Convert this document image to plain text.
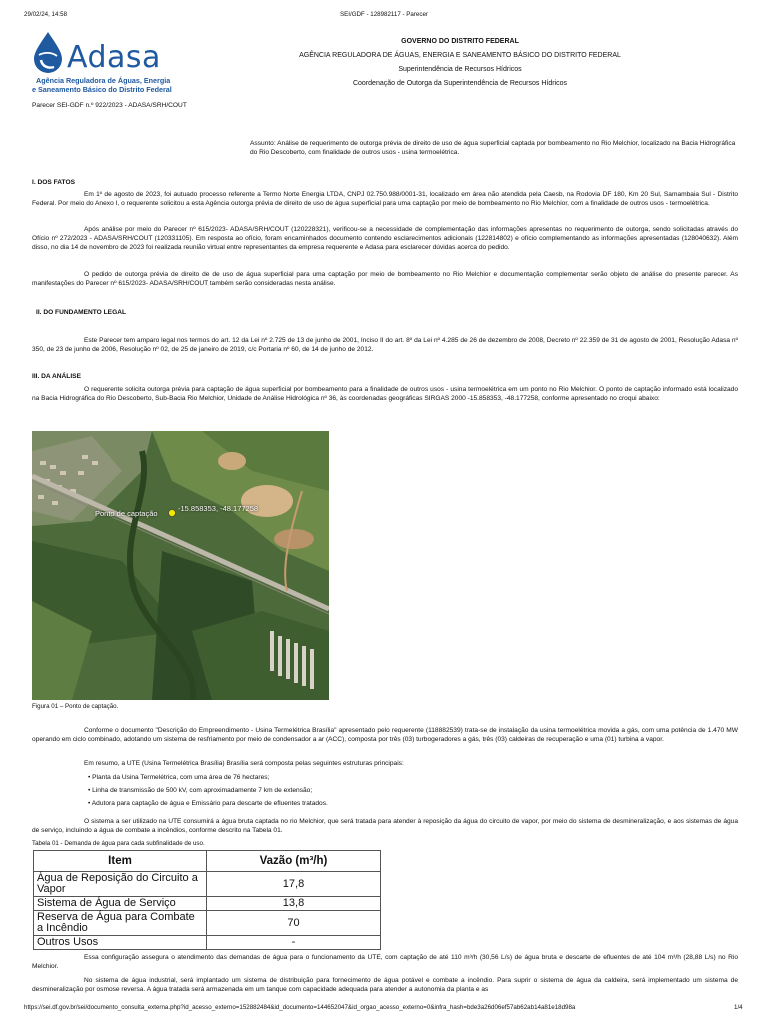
29/02/24, 14:58	SEI/GDF - 128982117 - Parecer
Adasa
Agência Reguladora de Águas, Energia
e Saneamento Básico do Distrito Federal
GOVERNO DO DISTRITO FEDERAL
AGÊNCIA REGULADORA DE ÁGUAS, ENERGIA E SANEAMENTO BÁSICO DO DISTRITO FEDERAL
Superintendência de Recursos Hídricos
Coordenação de Outorga da Superintendência de Recursos Hídricos
Parecer SEI-GDF n.º 922/2023 - ADASA/SRH/COUT
Assunto: Análise de requerimento de outorga prévia de direito de uso de água superficial captada por bombeamento no Rio Melchior, localizado na Bacia Hidrográfica do Rio Descoberto, com finalidade de outros usos - usina termoelétrica.
I. DOS FATOS
Em 1º de agosto de 2023, foi autuado processo referente a Termo Norte Energia LTDA, CNPJ 02.750.988/0001-31, localizado em área não atendida pela Caesb, na Rodovia DF 180, Km 20 Sul, Samambaia Sul - Distrito Federal. Por meio do Anexo I, o requerente solicitou a esta Agência outorga prévia de direito de uso de água superficial para uma captação por meio de bombeamento no Rio Melchior, com a finalidade de outros usos - termoelétrica.
Após análise por meio do Parecer nº 615/2023- ADASA/SRH/COUT (120228321), verificou-se a necessidade de complementação das informações apresentas no requerimento de outorga, sendo solicitadas através do Ofício nº 272/2023 - ADASA/SRH/COUT (120331105). Em resposta ao ofício, foram encaminhados documento contendo esclarecimentos adicionais (122814802) e ofício complementando as informações apresentadas (128040632). Além disso, no dia 14 de novembro de 2023 foi realizada reunião virtual entre representantes da empresa requerente e Adasa para esclarecer dúvidas acerca do pedido.
O pedido de outorga prévia de direito de de uso de água superficial para uma captação por meio de bombeamento no Rio Melchior e documentação complementar serão objeto de análise do presente parecer. As manifestações do Parecer nº 615/2023- ADASA/SRH/COUT também serão consideradas nesta análise.
II. DO FUNDAMENTO LEGAL
Este Parecer tem amparo legal nos termos do art. 12 da Lei nº 2.725 de 13 de junho de 2001, Inciso II do art. 8º da Lei nº 4.285 de 26 de dezembro de 2008, Decreto nº 22.359 de 31 de agosto de 2001, Resolução Adasa nº 350, de 23 de junho de 2006, Resolução nº 02, de 25 de janeiro de 2019, c/c Portaria nº 60, de 14 de junho de 2012.
III. DA ANÁLISE
O requerente solicita outorga prévia para captação de água superficial por bombeamento para a finalidade de outros usos - usina termoelétrica em um ponto no Rio Melchior. O ponto de captação informado está localizado na Bacia Hidrográfica do Rio Descoberto, Sub-Bacia Rio Melchior, Unidade de Análise Hidrológica nº 36, às coordenadas geográficas SIRGAS 2000 -15.858353, -48.177258, conforme apresentado no croqui abaixo:
Ponto de captação
-15.858353, -48.177258
Figura 01 – Ponto de captação.
Conforme o documento "Descrição do Empreendimento - Usina Termelétrica Brasília" apresentado pelo requerente (118882539) trata-se de instalação da usina termoelétrica movida a gás, com uma potência de 1.470 MW operando em ciclo combinado, adotando um sistema de resfriamento por meio de condensador a ar (ACC), composta por três (03) turbogeradores a gás, três (03) caldeiras de recuperação e uma (01) turbina a vapor.
Em resumo, a UTE (Usina Termelétrica Brasília) Brasília será composta pelas seguintes estruturas principais:
• Planta da Usina Termelétrica, com uma área de 76 hectares;
• Linha de transmissão de 500 kV, com aproximadamente 7 km de extensão;
• Adutora para captação de água e Emissário para descarte de efluentes tratados.
O sistema a ser utilizado na UTE consumirá a água bruta captada no rio Melchior, que será tratada para atender à reposição da água do circuito de vapor, por meio do sistema de desmineralização, e aos sistemas de água de serviço, incluindo a água de combate a incêndios, conforme descrito na Tabela 01.
Tabela 01 - Demanda de água para cada subfinalidade de uso.
Item	Vazão (m³/h)
Água de Reposição do Circuito a Vapor	17,8
Sistema de Água de Serviço	13,8
Reserva de Água para Combate a Incêndio	70
Outros Usos	-
Essa configuração assegura o atendimento das demandas de água para o funcionamento da UTE, com captação de até 110 m³/h (30,56 L/s) de água bruta e descarte de efluentes de até 104 m³/h (28,88 L/s) no Rio Melchior.
No sistema de água industrial, será implantado um sistema de distribuição para fornecimento de água potável e combate a incêndio. Para suprir o sistema de água da caldeira, será implementado um sistema de desmineralização por osmose reversa. A água tratada será armazenada em um tanque com capacidade adequada para atender a autonomia da planta e as
https://sei.df.gov.br/sei/documento_consulta_externa.php?id_acesso_externo=152882484&id_documento=144652047&id_orgao_acesso_externo=0&infra_hash=bde3a26d06ef57ab62ab14a81e18d98a	1/4
